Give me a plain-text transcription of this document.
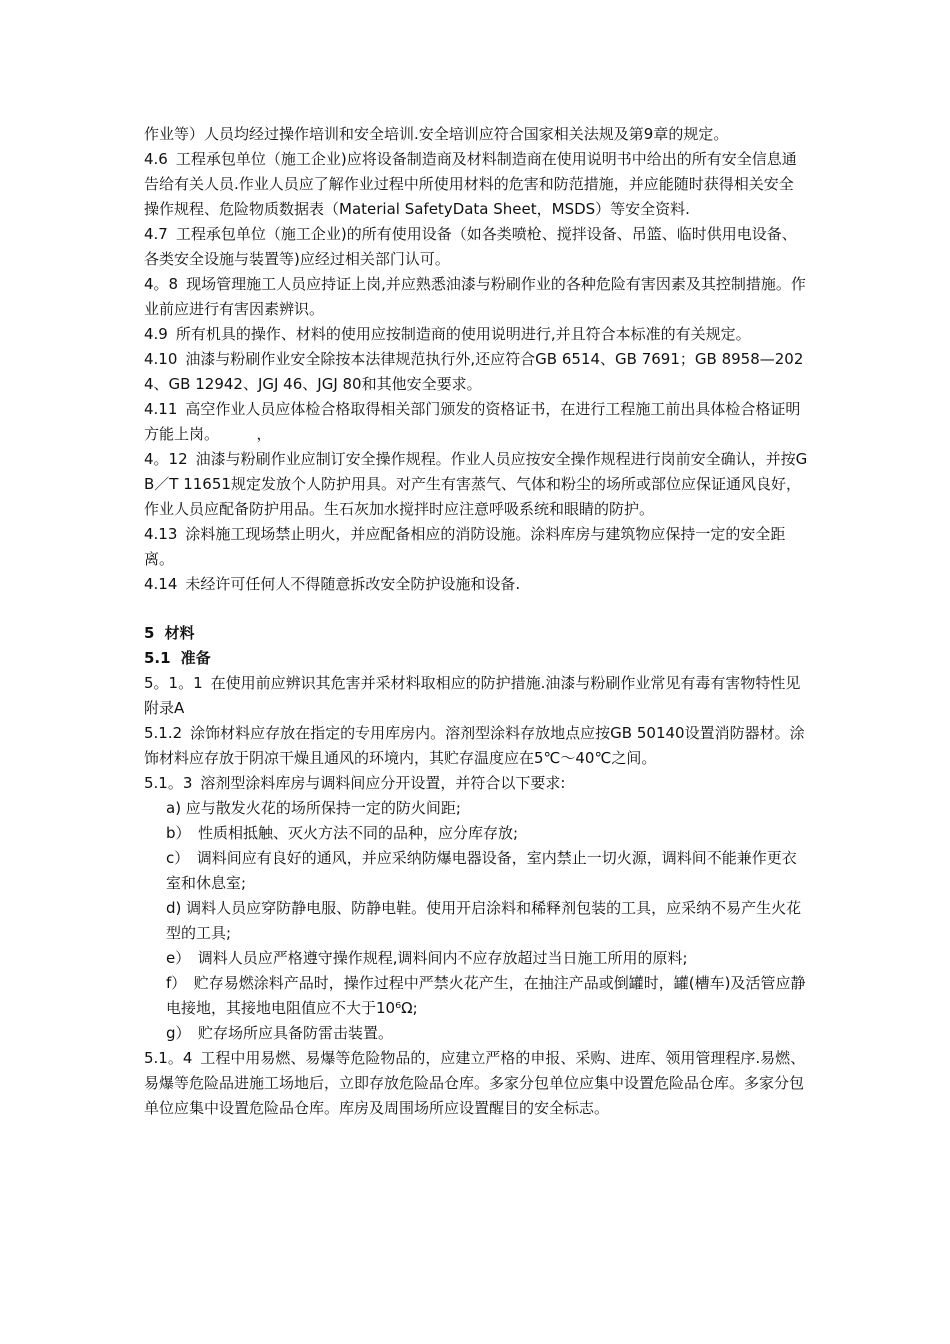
作业等）人员均经过操作培训和安全培训.安全培训应符合国家相关法规及第9章的规定。

4.6 工程承包单位（施工企业)应将设备制造商及材料制造商在使用说明书中给出的所有安全信息通告给有关人员.作业人员应了解作业过程中所使用材料的危害和防范措施，并应能随时获得相关安全操作规程、危险物质数据表（Material SafetyData Sheet，MSDS）等安全资料.

4.7 工程承包单位（施工企业)的所有使用设备（如各类喷枪、搅拌设备、吊篮、临时供用电设备、各类安全设施与装置等)应经过相关部门认可。

4。8 现场管理施工人员应持证上岗,并应熟悉油漆与粉刷作业的各种危险有害因素及其控制措施。作业前应进行有害因素辨识。

4.9 所有机具的操作、材料的使用应按制造商的使用说明进行,并且符合本标准的有关规定。

4.10 油漆与粉刷作业安全除按本法律规范执行外,还应符合GB 6514、GB 7691；GB 8958—2024、GB 12942、JGJ 46、JGJ 80和其他安全要求。

4.11 高空作业人员应体检合格取得相关部门颁发的资格证书，在进行工程施工前出具体检合格证明方能上岗。　　　，

4。12 油漆与粉刷作业应制订安全操作规程。作业人员应按安全操作规程进行岗前安全确认，并按GB／T 11651规定发放个人防护用具。对产生有害蒸气、气体和粉尘的场所或部位应保证通风良好，作业人员应配备防护用品。生石灰加水搅拌时应注意呼吸系统和眼睛的防护。

4.13 涂料施工现场禁止明火，并应配备相应的消防设施。涂料库房与建筑物应保持一定的安全距离。

4.14 未经许可任何人不得随意拆改安全防护设施和设备.

5 材料

5.1 准备

5。1。1 在使用前应辨识其危害并采材料取相应的防护措施.油漆与粉刷作业常见有毒有害物特性见附录A

5.1.2 涂饰材料应存放在指定的专用库房内。溶剂型涂料存放地点应按GB 50140设置消防器材。涂饰材料应存放于阴凉干燥且通风的环境内，其贮存温度应在5℃～40℃之间。

5.1。3 溶剂型涂料库房与调料间应分开设置，并符合以下要求:

a) 应与散发火花的场所保持一定的防火间距;

b）　性质相抵触、灭火方法不同的品种，应分库存放;

c）　调料间应有良好的通风，并应采纳防爆电器设备，室内禁止一切火源，调料间不能兼作更衣室和休息室;

d) 调料人员应穿防静电服、防静电鞋。使用开启涂料和稀释剂包装的工具，应采纳不易产生火花型的工具;

e）　调料人员应严格遵守操作规程,调料间内不应存放超过当日施工所用的原料;

f）　贮存易燃涂料产品时，操作过程中严禁火花产生，在抽注产品或倒罐时，罐(槽车)及活管应静电接地，其接地电阻值应不大于10⁶Ω;

g）　贮存场所应具备防雷击装置。

5.1。4 工程中用易燃、易爆等危险物品的，应建立严格的申报、采购、进库、领用管理程序.易燃、易爆等危险品进施工场地后，立即存放危险品仓库。多家分包单位应集中设置危险品仓库。多家分包单位应集中设置危险品仓库。库房及周围场所应设置醒目的安全标志。
